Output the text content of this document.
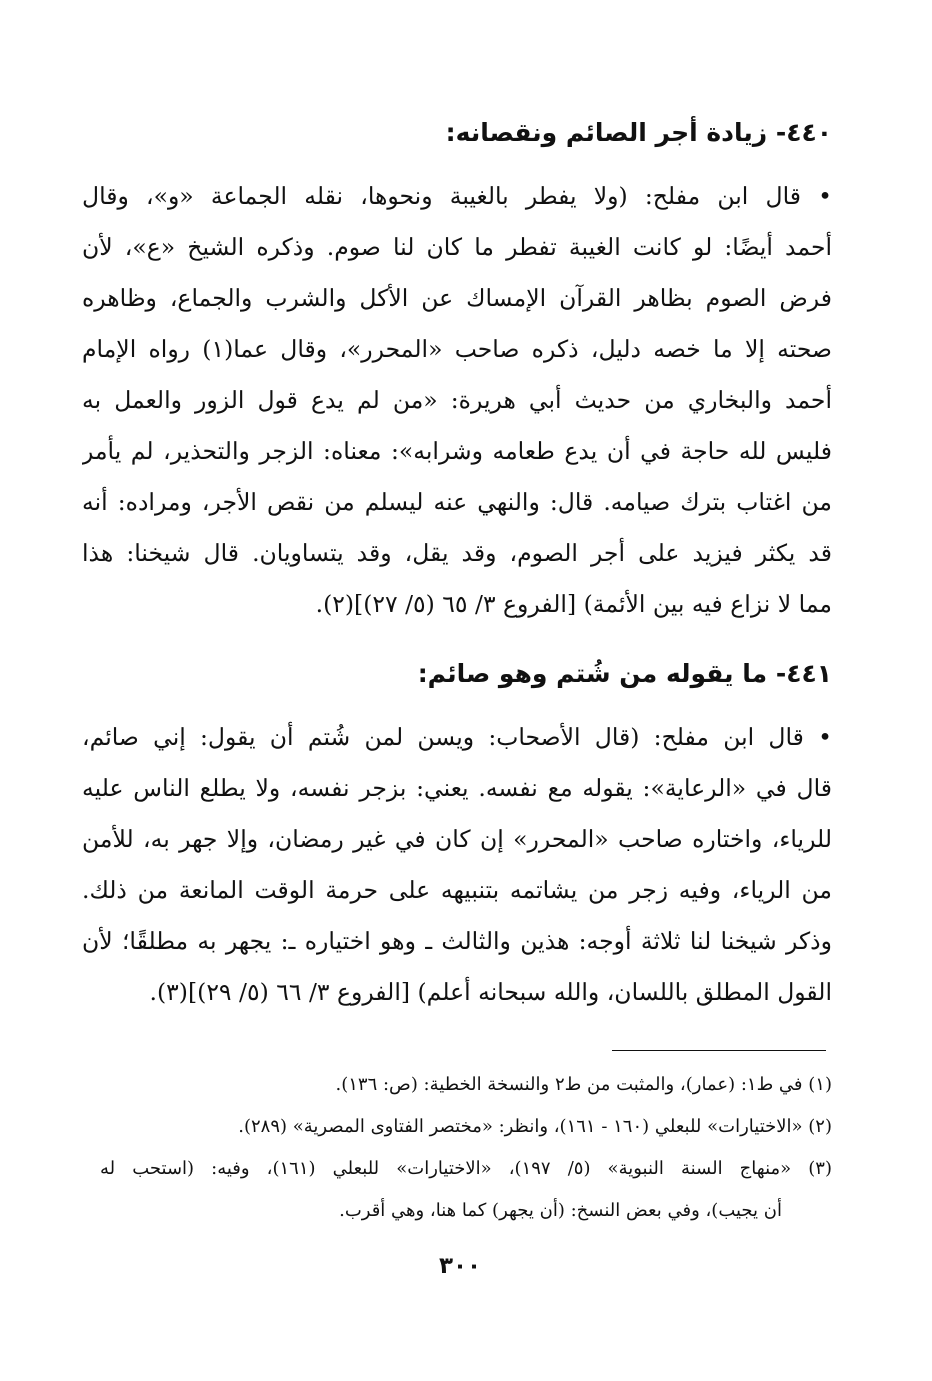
٤٤٠- زيادة أجر الصائم ونقصانه:
• قال ابن مفلح: (ولا يفطر بالغيبة ونحوها، نقله الجماعة «و»، وقال
أحمد أيضًا: لو كانت الغيبة تفطر ما كان لنا صوم. وذكره الشيخ «ع»، لأن
فرض الصوم بظاهر القرآن الإمساك عن الأكل والشرب والجماع، وظاهره
صحته إلا ما خصه دليل، ذكره صاحب «المحرر»، وقال عما(١) رواه الإمام
أحمد والبخاري من حديث أبي هريرة: «من لم يدع قول الزور والعمل به
فليس لله حاجة في أن يدع طعامه وشرابه»: معناه: الزجر والتحذير، لم يأمر
من اغتاب بترك صيامه. قال: والنهي عنه ليسلم من نقص الأجر، ومراده: أنه
قد يكثر فيزيد على أجر الصوم، وقد يقل، وقد يتساويان. قال شيخنا: هذا
مما لا نزاع فيه بين الأئمة) [الفروع ٣/ ٦٥ (٥/ ٢٧)](٢).
٤٤١- ما يقوله من شُتم وهو صائم:
• قال ابن مفلح: (قال الأصحاب: ويسن لمن شُتم أن يقول: إني صائم،
قال في «الرعاية»: يقوله مع نفسه. يعني: بزجر نفسه، ولا يطلع الناس عليه
للرياء، واختاره صاحب «المحرر» إن كان في غير رمضان، وإلا جهر به، للأمن
من الرياء، وفيه زجر من يشاتمه بتنبيهه على حرمة الوقت المانعة من ذلك.
وذكر شيخنا لنا ثلاثة أوجه: هذين والثالث ـ وهو اختياره ـ: يجهر به مطلقًا؛ لأن
القول المطلق باللسان، والله سبحانه أعلم) [الفروع ٣/ ٦٦ (٥/ ٢٩)](٣).
(١) في ط١: (عمار)، والمثبت من ط٢ والنسخة الخطية: (ص: ١٣٦).
(٢) «الاختيارات» للبعلي (١٦٠ - ١٦١)، وانظر: «مختصر الفتاوى المصرية» (٢٨٩).
(٣) «منهاج السنة النبوية» (٥/ ١٩٧)، «الاختيارات» للبعلي (١٦١)، وفيه: (استحب له
أن يجيب)، وفي بعض النسخ: (أن يجهر) كما هنا، وهي أقرب.
٣٠٠
